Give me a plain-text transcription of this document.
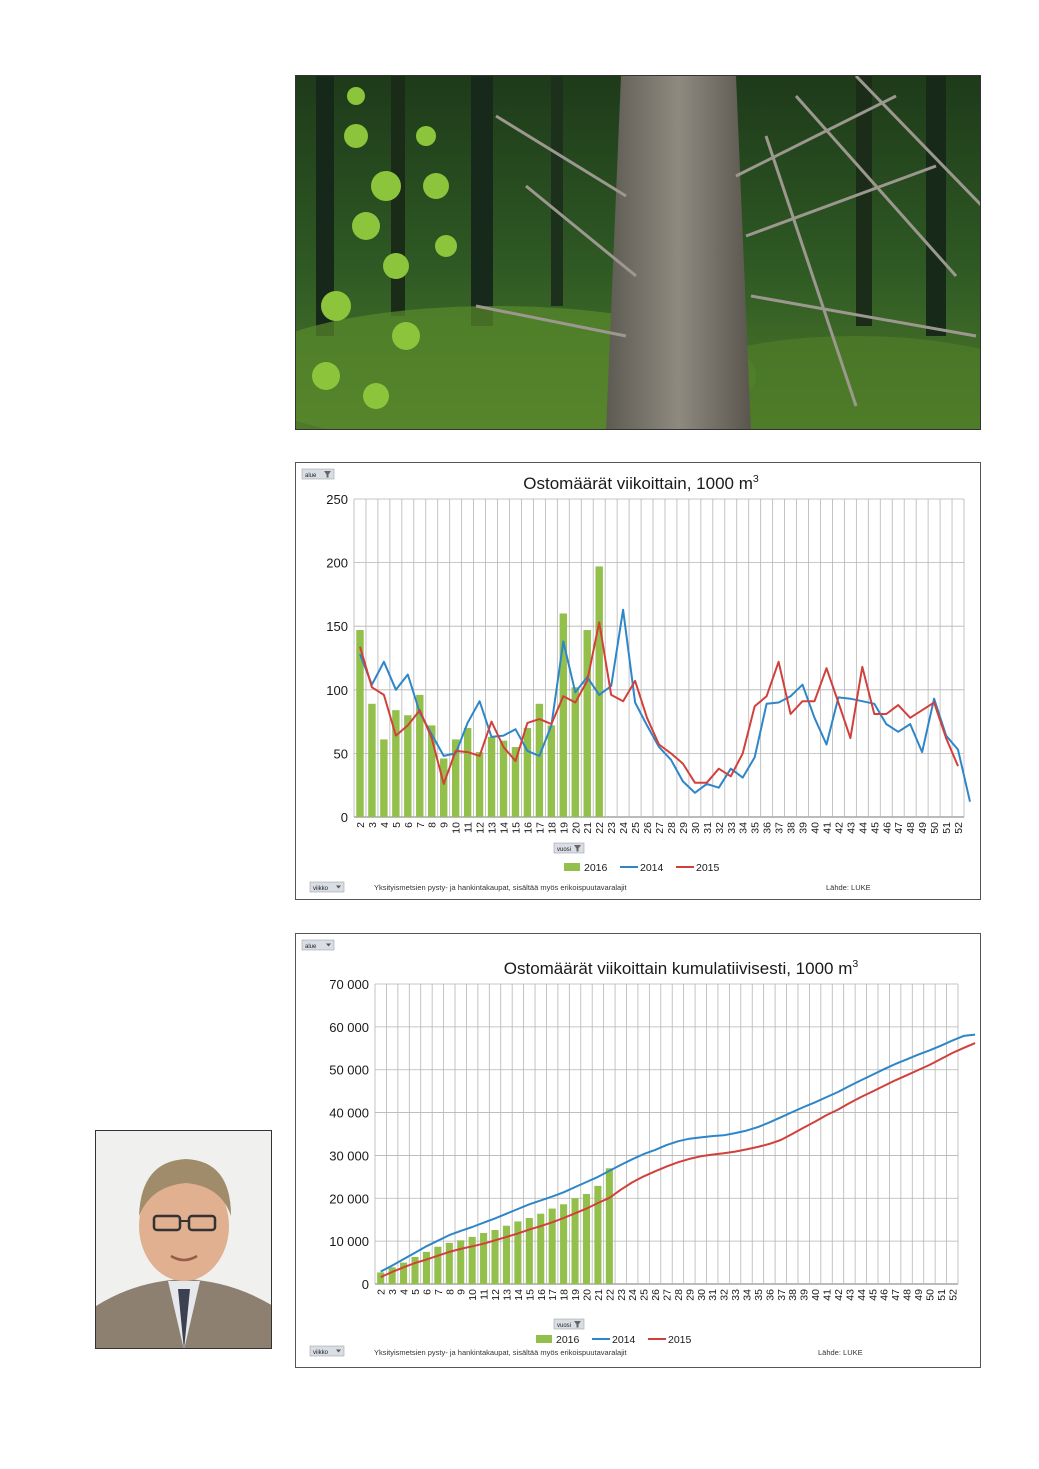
Ostomäärät viikoittain, 1000 $m^3$
alue
vuosi
viikko
0
50
100
150
200
250
2 3 4 5 6 7 8 9 10 11 12 13 14 15 16 17 18 19 20 21 22 23 24 25 26 27 28 29 30 31 32 33 34 35 36 37 38 39 40 41 42 43 44 45 46 47 48 49 50 51 52
2016	2014	2015
Yksityismetsien pysty- ja hankintakaupat, sisältää myös erikoispuutavaralajit	Lähde: LUKE
Ostomäärät viikoittain kumulatiivisesti, 1000 $m^3$
alue
vuosi
viikko
0
10 000
20 000
30 000
40 000
50 000
60 000
70 000
2 3 4 5 6 7 8 9 10 11 12 13 14 15 16 17 18 19 20 21 22 23 24 25 26 27 28 29 30 31 32 33 34 35 36 37 38 39 40 41 42 43 44 45 46 47 48 49 50 51 52
2016	2014	2015
Yksityismetsien pysty- ja hankintakaupat, sisältää myös erikoispuutavaralajit	Lähde: LUKE
